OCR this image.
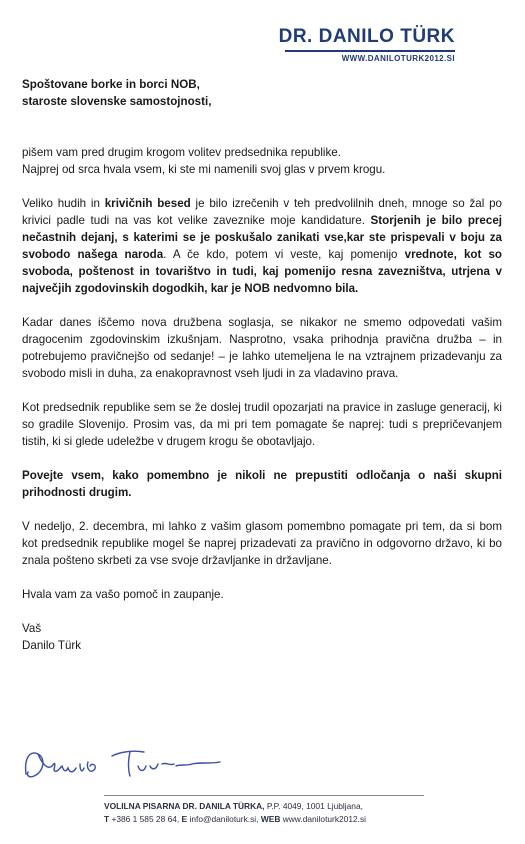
DR. DANILO TÜRK
WWW.DANILOTURK2012.SI

Spoštovane borke in borci NOB,
staroste slovenske samostojnosti,

pišem vam pred drugim krogom volitev predsednika republike.
Najprej od srca hvala vsem, ki ste mi namenili svoj glas v prvem krogu.

Veliko hudih in krivičnih besed je bilo izrečenih v teh predvolilnih dneh, mnoge so žal po krivici padle tudi na vas kot velike zaveznike moje kandidature. Storjenih je bilo precej nečastnih dejanj, s katerimi se je poskušalo zanikati vse,kar ste prispevali v boju za svobodo našega naroda. A če kdo, potem vi veste, kaj pomenijo vrednote, kot so svoboda, poštenost in tovarištvo in tudi, kaj pomenijo resna zavezništva, utrjena v največjih zgodovinskih dogodkih, kar je NOB nedvomno bila.

Kadar danes iščemo nova družbena soglasja, se nikakor ne smemo odpovedati vašim dragocenim zgodovinskim izkušnjam. Nasprotno, vsaka prihodnja pravična družba – in potrebujemo pravičnejšo od sedanje! – je lahko utemeljena le na vztrajnem prizadevanju za svobodo misli in duha, za enakopravnost vseh ljudi in za vladavino prava.

Kot predsednik republike sem se že doslej trudil opozarjati na pravice in zasluge generacij, ki so gradile Slovenijo. Prosim vas, da mi pri tem pomagate še naprej: tudi s prepričevanjem tistih, ki si glede udeležbe v drugem krogu še obotavljajo.

Povejte vsem, kako pomembno je nikoli ne prepustiti odločanja o naši skupni prihodnosti drugim.

V nedeljo, 2. decembra, mi lahko z vašim glasom pomembno pomagate pri tem, da si bom kot predsednik republike mogel še naprej prizadevati za pravično in odgovorno državo, ki bo znala pošteno skrbeti za vse svoje državljanke in državljane.

Hvala vam za vašo pomoč in zaupanje.

Vaš
Danilo Türk

VOLILNA PISARNA DR. DANILA TÜRKA, P.P. 4049, 1001 Ljubljana,
T +386 1 585 28 64, E info@daniloturk.si, WEB www.daniloturk2012.si
